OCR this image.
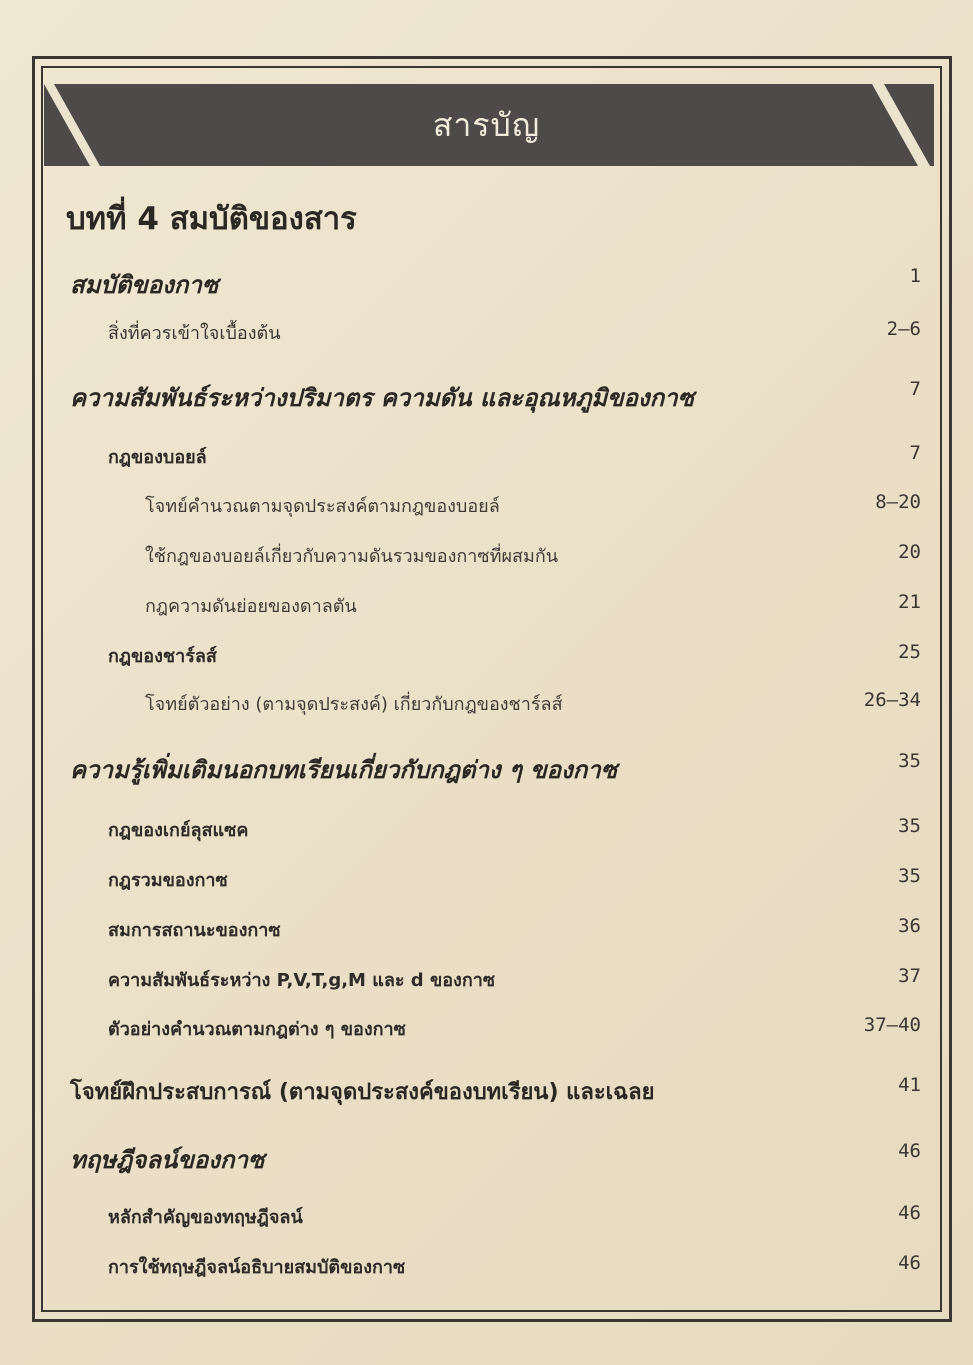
สารบัญ
บทที่ 4 สมบัติของสาร
สมบัติของกาซ	1
สิ่งที่ควรเข้าใจเบื้องต้น	2–6
ความสัมพันธ์ระหว่างปริมาตร ความดัน และอุณหภูมิของกาซ	7
กฎของบอยล์	7
โจทย์คำนวณตามจุดประสงค์ตามกฎของบอยล์	8–20
ใช้กฎของบอยล์เกี่ยวกับความดันรวมของกาซที่ผสมกัน	20
กฎความดันย่อยของดาลตัน	21
กฎของชาร์ลส์	25
โจทย์ตัวอย่าง (ตามจุดประสงค์) เกี่ยวกับกฎของชาร์ลส์	26–34
ความรู้เพิ่มเติมนอกบทเรียนเกี่ยวกับกฎต่าง ๆ ของกาซ	35
กฎของเกย์ลุสแซค	35
กฎรวมของกาซ	35
สมการสถานะของกาซ	36
ความสัมพันธ์ระหว่าง P,V,T,g,M และ d ของกาซ	37
ตัวอย่างคำนวณตามกฎต่าง ๆ ของกาซ	37–40
โจทย์ฝึกประสบการณ์ (ตามจุดประสงค์ของบทเรียน) และเฉลย	41
ทฤษฎีจลน์ของกาซ	46
หลักสำคัญของทฤษฎีจลน์	46
การใช้ทฤษฎีจลน์อธิบายสมบัติของกาซ	46
